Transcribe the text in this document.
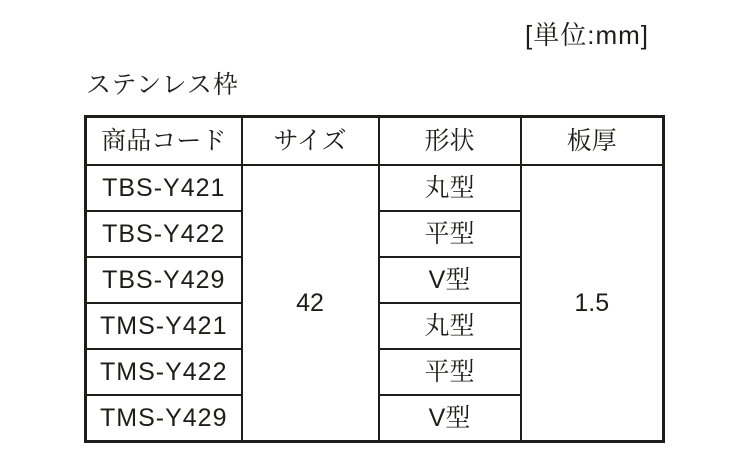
[単位:mm]
ステンレス枠
商品コード	サイズ	形状	板厚
TBS-Y421	42	丸型	1.5
TBS-Y422		平型	
TBS-Y429		V型	
TMS-Y421		丸型	
TMS-Y422		平型	
TMS-Y429		V型	
